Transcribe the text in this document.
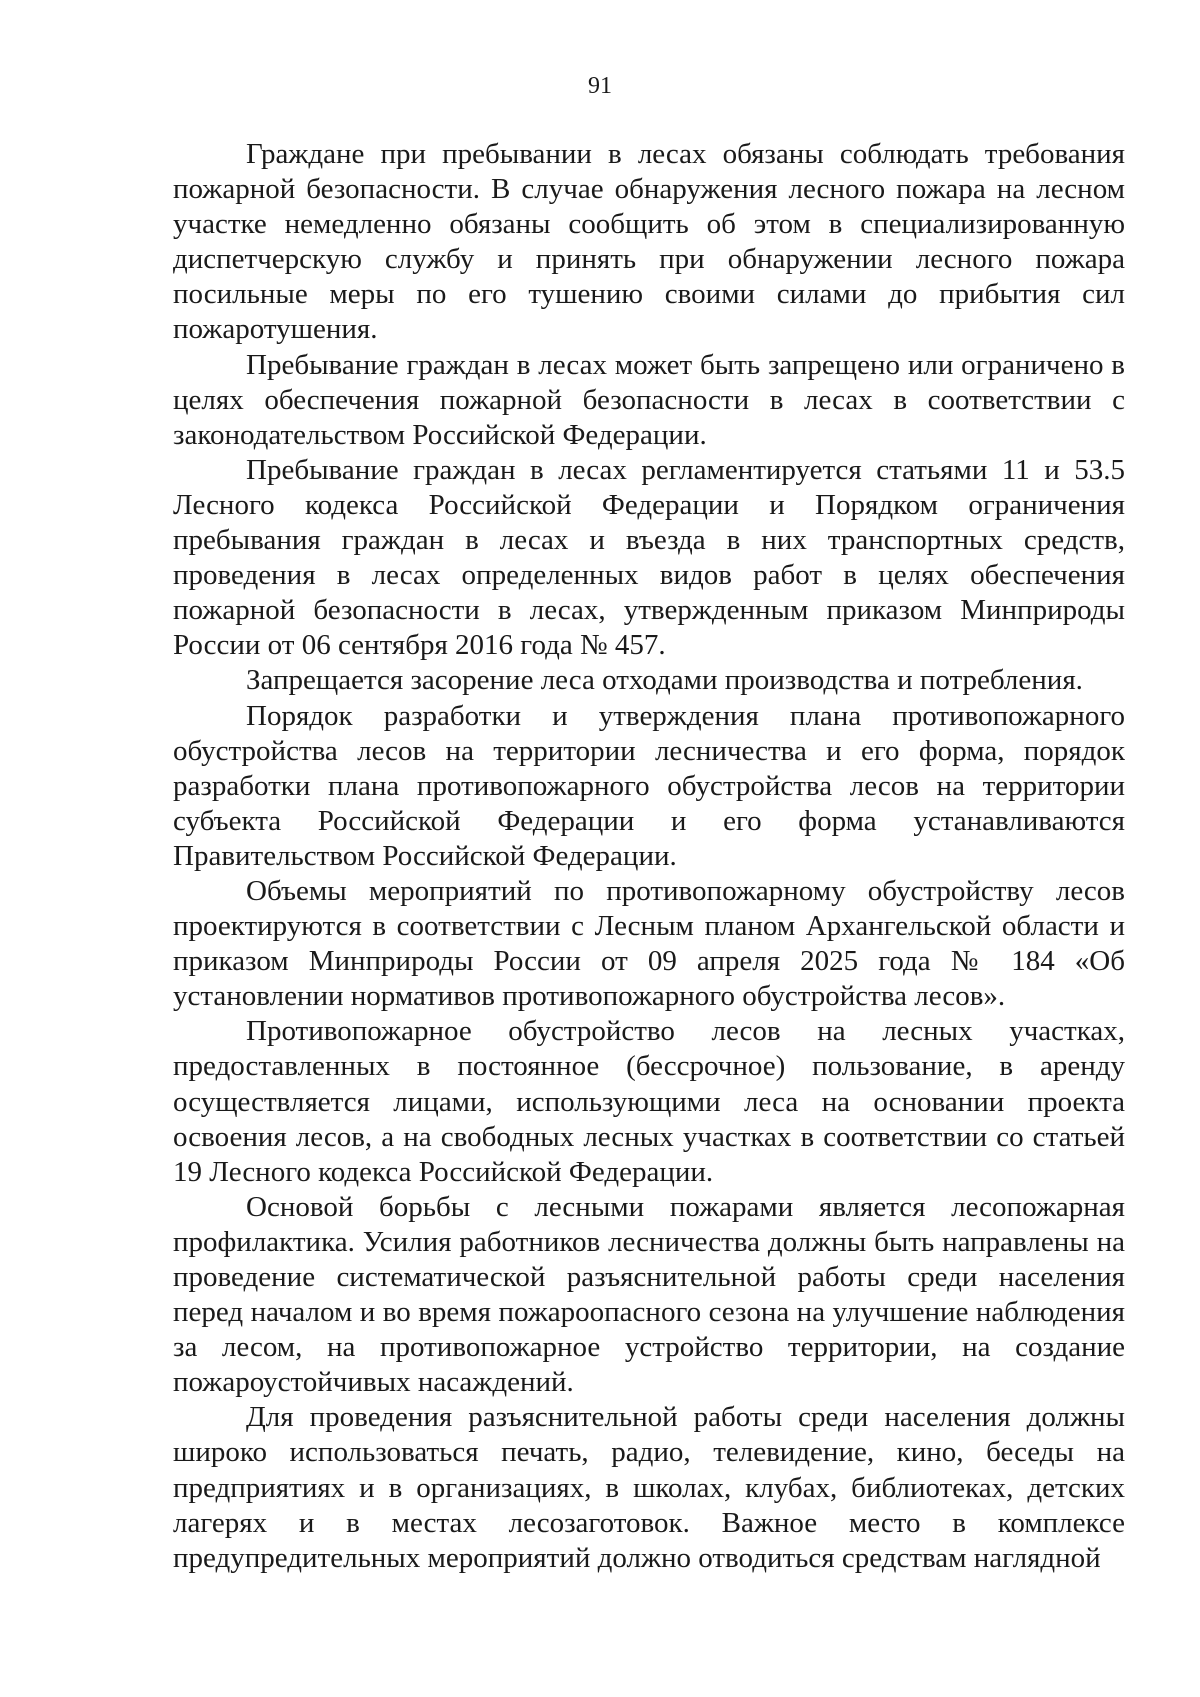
91

Граждане при пребывании в лесах обязаны соблюдать требования пожарной безопасности. В случае обнаружения лесного пожара на лесном участке немедленно обязаны сообщить об этом в специализированную диспетчерскую службу и принять при обнаружении лесного пожара посильные меры по его тушению своими силами до прибытия сил пожаротушения.

Пребывание граждан в лесах может быть запрещено или ограничено в целях обеспечения пожарной безопасности в лесах в соответствии с законодательством Российской Федерации.

Пребывание граждан в лесах регламентируется статьями 11 и 53.5 Лесного кодекса Российской Федерации и Порядком ограничения пребывания граждан в лесах и въезда в них транспортных средств, проведения в лесах определенных видов работ в целях обеспечения пожарной безопасности в лесах, утвержденным приказом Минприроды России от 06 сентября 2016 года № 457.

Запрещается засорение леса отходами производства и потребления.

Порядок разработки и утверждения плана противопожарного обустройства лесов на территории лесничества и его форма, порядок разработки плана противопожарного обустройства лесов на территории субъекта Российской Федерации и его форма устанавливаются Правительством Российской Федерации.

Объемы мероприятий по противопожарному обустройству лесов проектируются в соответствии с Лесным планом Архангельской области и приказом Минприроды России от 09 апреля 2025 года № 184 «Об установлении нормативов противопожарного обустройства лесов».

Противопожарное обустройство лесов на лесных участках, предоставленных в постоянное (бессрочное) пользование, в аренду осуществляется лицами, использующими леса на основании проекта освоения лесов, а на свободных лесных участках в соответствии со статьей 19 Лесного кодекса Российской Федерации.

Основой борьбы с лесными пожарами является лесопожарная профилактика. Усилия работников лесничества должны быть направлены на проведение систематической разъяснительной работы среди населения перед началом и во время пожароопасного сезона на улучшение наблюдения за лесом, на противопожарное устройство территории, на создание пожароустойчивых насаждений.

Для проведения разъяснительной работы среди населения должны широко использоваться печать, радио, телевидение, кино, беседы на предприятиях и в организациях, в школах, клубах, библиотеках, детских лагерях и в местах лесозаготовок. Важное место в комплексе предупредительных мероприятий должно отводиться средствам наглядной
